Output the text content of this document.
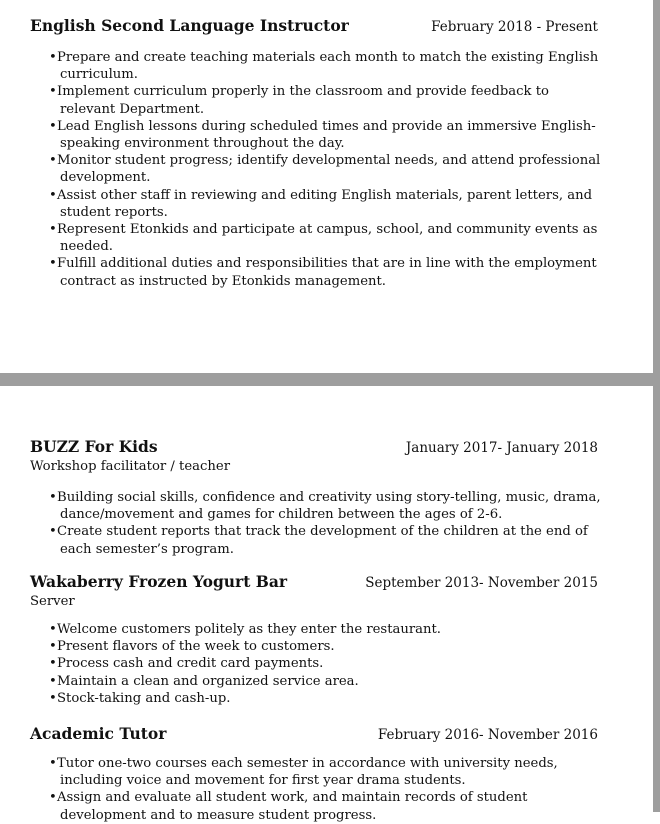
English Second Language Instructor	February 2018 - Present
• Prepare and create teaching materials each month to match the existing English
curriculum.
• Implement curriculum properly in the classroom and provide feedback to
relevant Department.
• Lead English lessons during scheduled times and provide an immersive English-
speaking environment throughout the day.
• Monitor student progress; identify developmental needs, and attend professional
development.
• Assist other staff in reviewing and editing English materials, parent letters, and
student reports.
• Represent Etonkids and participate at campus, school, and community events as
needed.
• Fulfill additional duties and responsibilities that are in line with the employment
contract as instructed by Etonkids management.
BUZZ For Kids	January 2017- January 2018
Workshop facilitator / teacher
• Building social skills, confidence and creativity using story-telling, music, drama,
dance/movement and games for children between the ages of 2-6.
• Create student reports that track the development of the children at the end of
each semester’s program.
Wakaberry Frozen Yogurt Bar	September 2013- November 2015
Server
• Welcome customers politely as they enter the restaurant.
• Present flavors of the week to customers.
• Process cash and credit card payments.
• Maintain a clean and organized service area.
• Stock-taking and cash-up.
Academic Tutor	February 2016- November 2016
• Tutor one-two courses each semester in accordance with university needs,
including voice and movement for first year drama students.
• Assign and evaluate all student work, and maintain records of student
development and to measure student progress.
